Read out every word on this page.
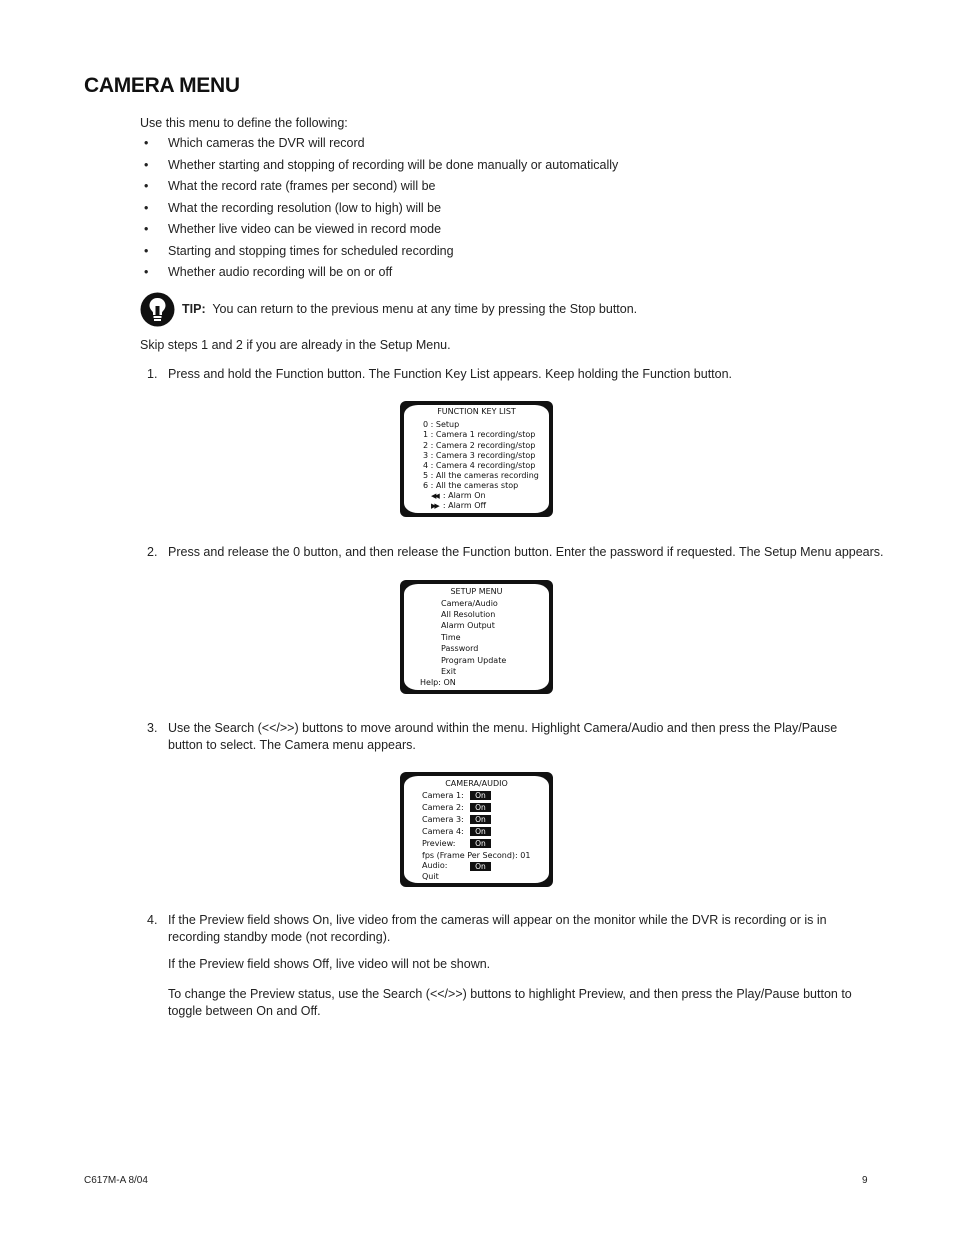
CAMERA MENU
Use this menu to define the following:
• Which cameras the DVR will record
• Whether starting and stopping of recording will be done manually or automatically
• What the record rate (frames per second) will be
• What the recording resolution (low to high) will be
• Whether live video can be viewed in record mode
• Starting and stopping times for scheduled recording
• Whether audio recording will be on or off
TIP: You can return to the previous menu at any time by pressing the Stop button.
Skip steps 1 and 2 if you are already in the Setup Menu.
1. Press and hold the Function button. The Function Key List appears. Keep holding the Function button.
FUNCTION KEY LIST
0 : Setup
1 : Camera 1 recording/stop
2 : Camera 2 recording/stop
3 : Camera 3 recording/stop
4 : Camera 4 recording/stop
5 : All the cameras recording
6 : All the cameras stop
◀◀ : Alarm On
▶▶ : Alarm Off
2. Press and release the 0 button, and then release the Function button. Enter the password if requested. The Setup Menu appears.
SETUP MENU
Camera/Audio
All Resolution
Alarm Output
Time
Password
Program Update
Exit
Help: ON
3. Use the Search (<</>>) buttons to move around within the menu. Highlight Camera/Audio and then press the Play/Pause button to select. The Camera menu appears.
CAMERA/AUDIO
Camera 1:	On
Camera 2:	On
Camera 3:	On
Camera 4:	On
Preview:	On
fps (Frame Per Second): 01
Audio:	On
Quit
4. If the Preview field shows On, live video from the cameras will appear on the monitor while the DVR is recording or is in recording standby mode (not recording).
If the Preview field shows Off, live video will not be shown.
To change the Preview status, use the Search (<</>>) buttons to highlight Preview, and then press the Play/Pause button to toggle between On and Off.
C617M-A 8/04	9
